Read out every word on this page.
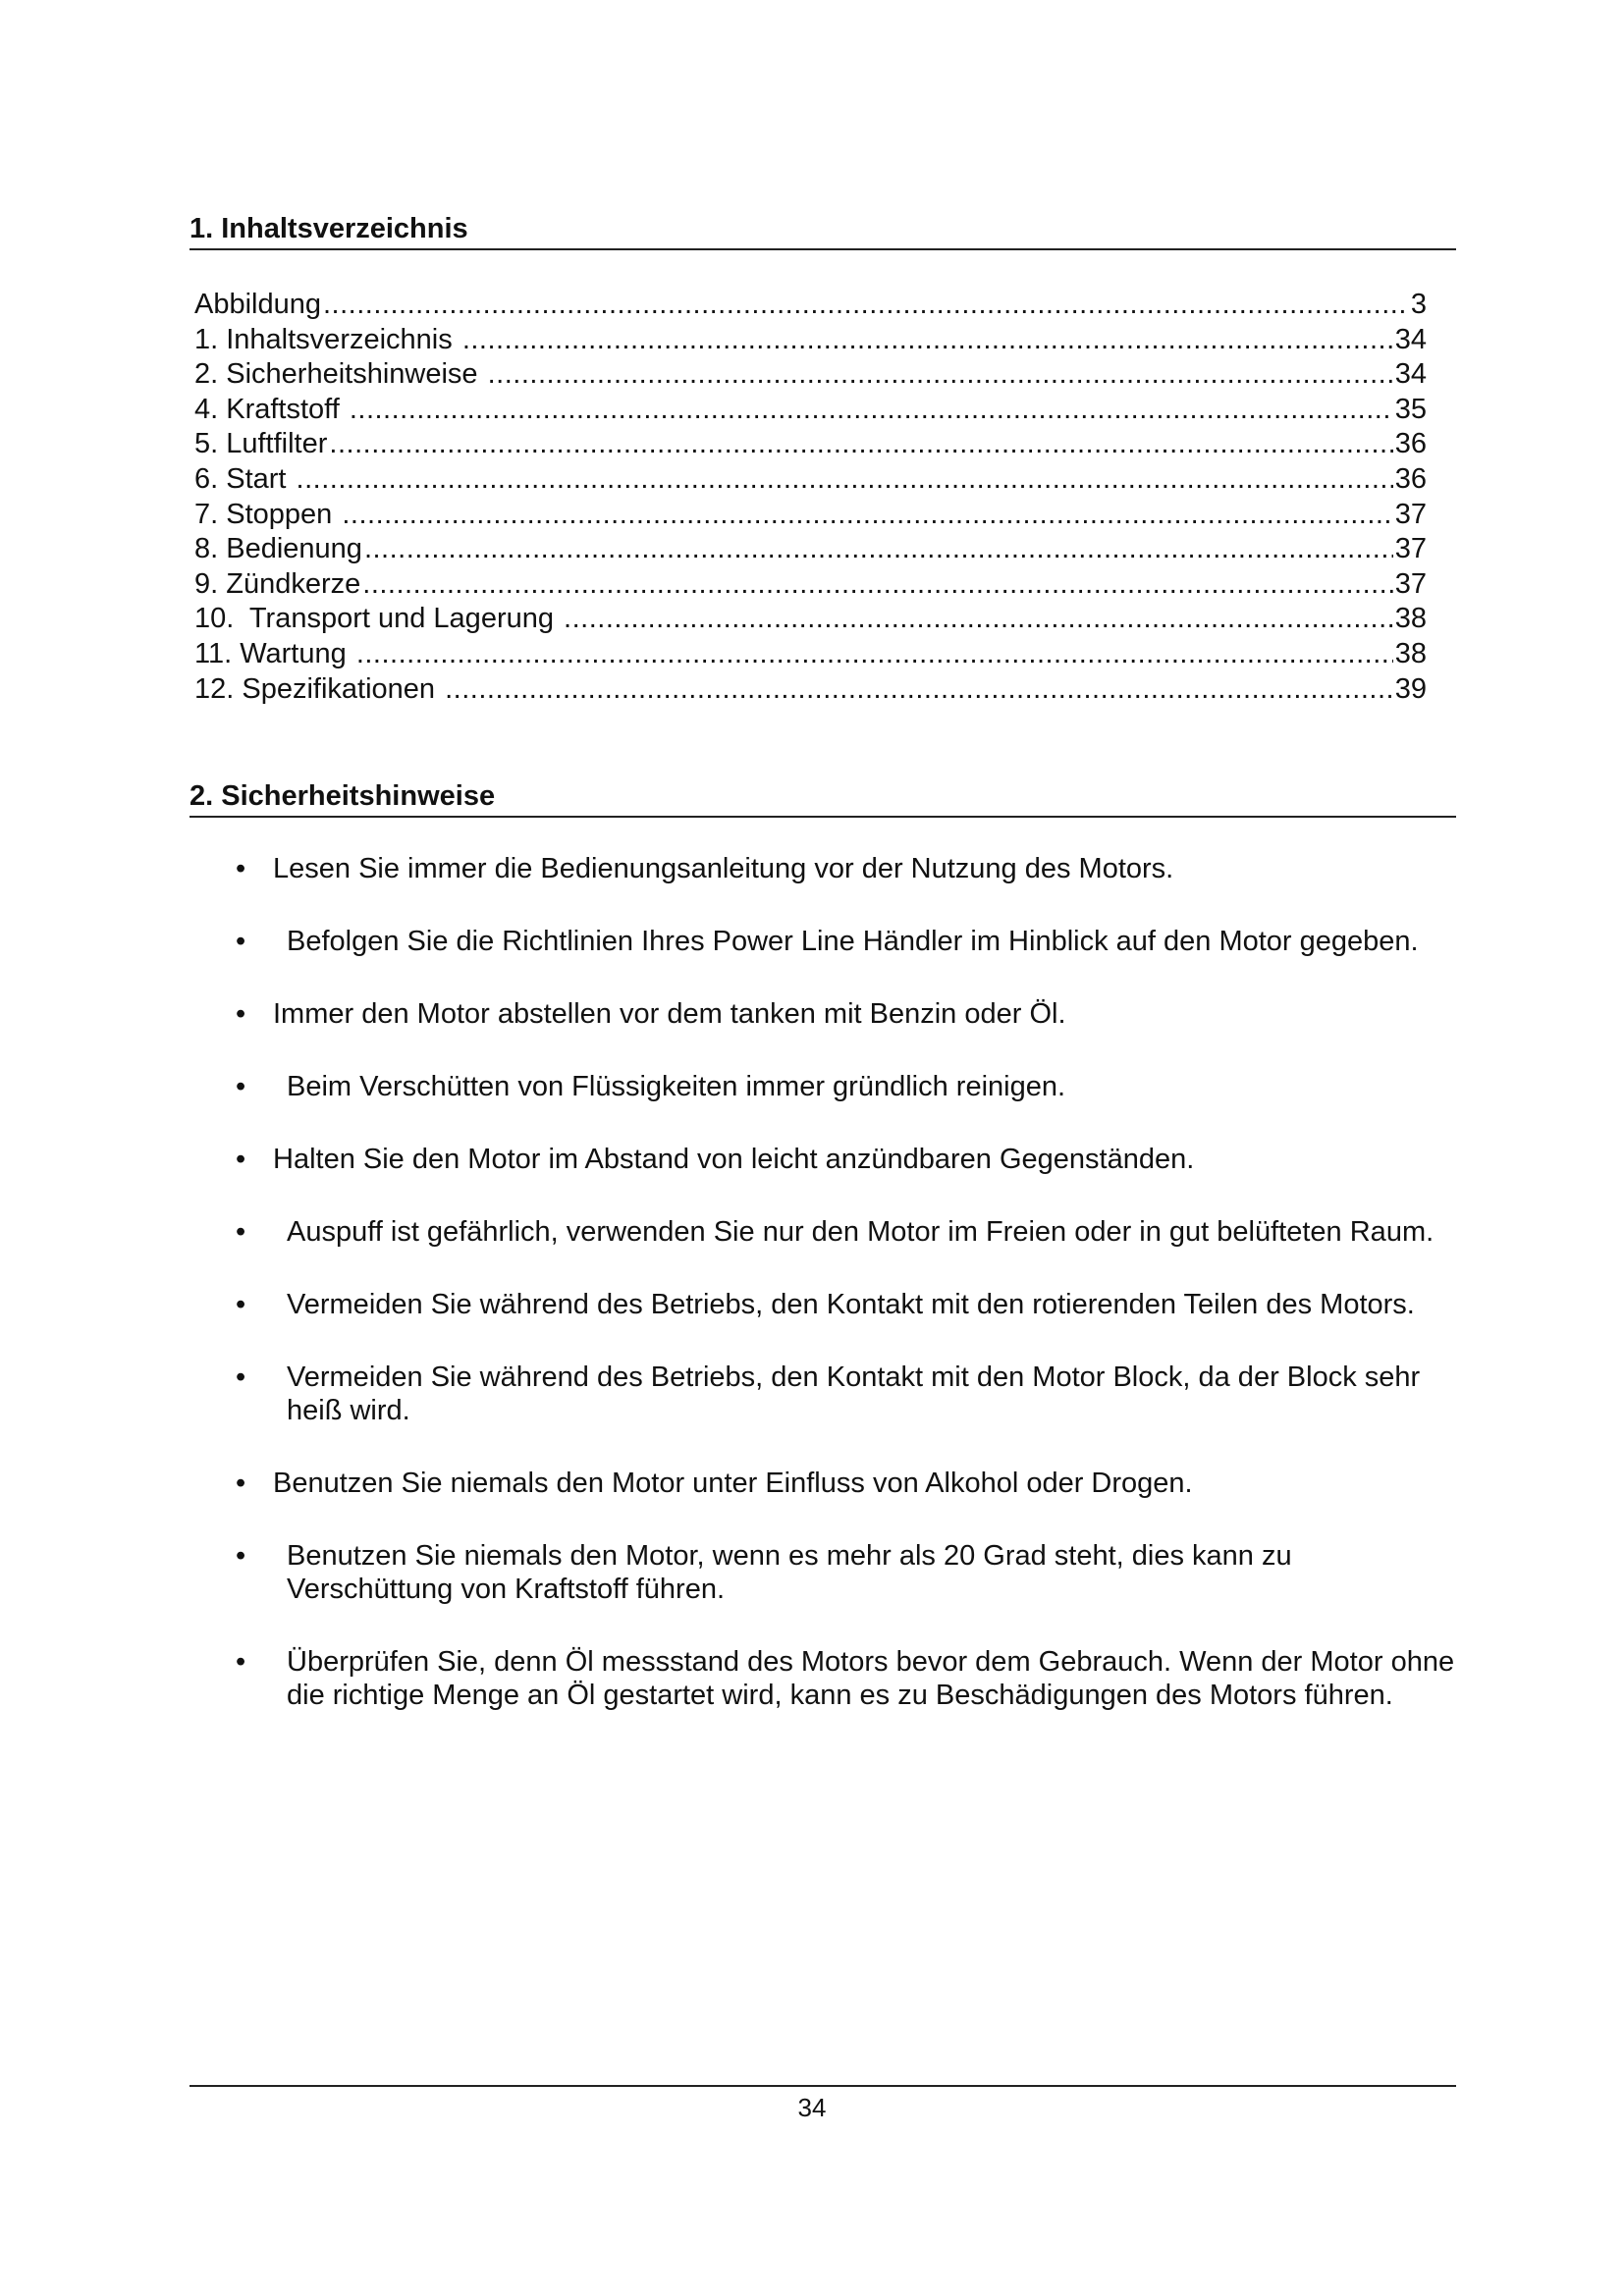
1. Inhaltsverzeichnis
Abbildung .....	3
1. Inhaltsverzeichnis .....	34
2. Sicherheitshinweise .....	34
4. Kraftstoff .....	35
5. Luftfilter .....	36
6. Start .....	36
7. Stoppen .....	37
8. Bedienung .....	37
9. Zündkerze .....	37
10.  Transport und Lagerung .....	38
11. Wartung .....	38
12. Spezifikationen .....	39
2. Sicherheitshinweise
• Lesen Sie immer die Bedienungsanleitung vor der Nutzung des Motors.
• Befolgen Sie die Richtlinien Ihres Power Line Händler im Hinblick auf den Motor gegeben.
• Immer den Motor abstellen vor dem tanken mit Benzin oder Öl.
• Beim Verschütten von Flüssigkeiten immer gründlich reinigen.
• Halten Sie den Motor im Abstand von leicht anzündbaren Gegenständen.
• Auspuff ist gefährlich, verwenden Sie nur den Motor im Freien oder in gut belüfteten Raum.
• Vermeiden Sie während des Betriebs, den Kontakt mit den rotierenden Teilen des Motors.
• Vermeiden Sie während des Betriebs, den Kontakt mit den Motor Block, da der Block sehr heiß wird.
• Benutzen Sie niemals den Motor unter Einfluss von Alkohol oder Drogen.
• Benutzen Sie niemals den Motor, wenn es mehr als 20 Grad steht, dies kann zu Verschüttung von Kraftstoff führen.
• Überprüfen Sie, denn Öl messstand des Motors bevor dem Gebrauch. Wenn der Motor ohne die richtige Menge an Öl gestartet wird, kann es zu Beschädigungen des Motors führen.
34
